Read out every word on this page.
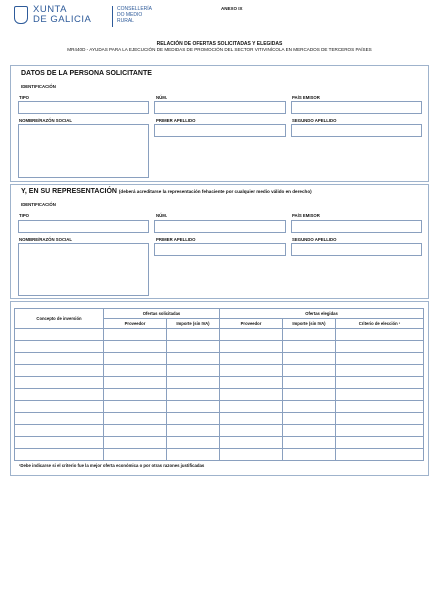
XUNTA
DE GALICIA
CONSELLERÍA
DO MEDIO
RURAL
ANEXO IX
RELACIÓN DE OFERTAS SOLICITADAS Y ELEGIDAS
MR440D - AYUDAS PARA LA EJECUCIÓN DE MEDIDAS DE PROMOCIÓN DEL SECTOR VITIVINÍCOLA EN MERCADOS DE TERCEROS PAÍSES
DATOS DE LA PERSONA SOLICITANTE
IDENTIFICACIÓN
TIPO	NÚM.	PAÍS EMISOR
NOMBRE/RAZÓN SOCIAL	PRIMER APELLIDO	SEGUNDO APELLIDO
Y, EN SU REPRESENTACIÓN (deberá acreditarse la representación fehaciente por cualquier medio válido en derecho)
IDENTIFICACIÓN
TIPO	NÚM.	PAÍS EMISOR
NOMBRE/RAZÓN SOCIAL	PRIMER APELLIDO	SEGUNDO APELLIDO
Concepto de inversión	Ofertas solicitadas		Ofertas elegidas		
	Proveedor	Importe (sin IVA)	Proveedor	Importe (sin IVA)	Criterio de elección ¹

¹Debe indicarse si el criterio fue la mejor oferta económica o por otras razones justificadas
